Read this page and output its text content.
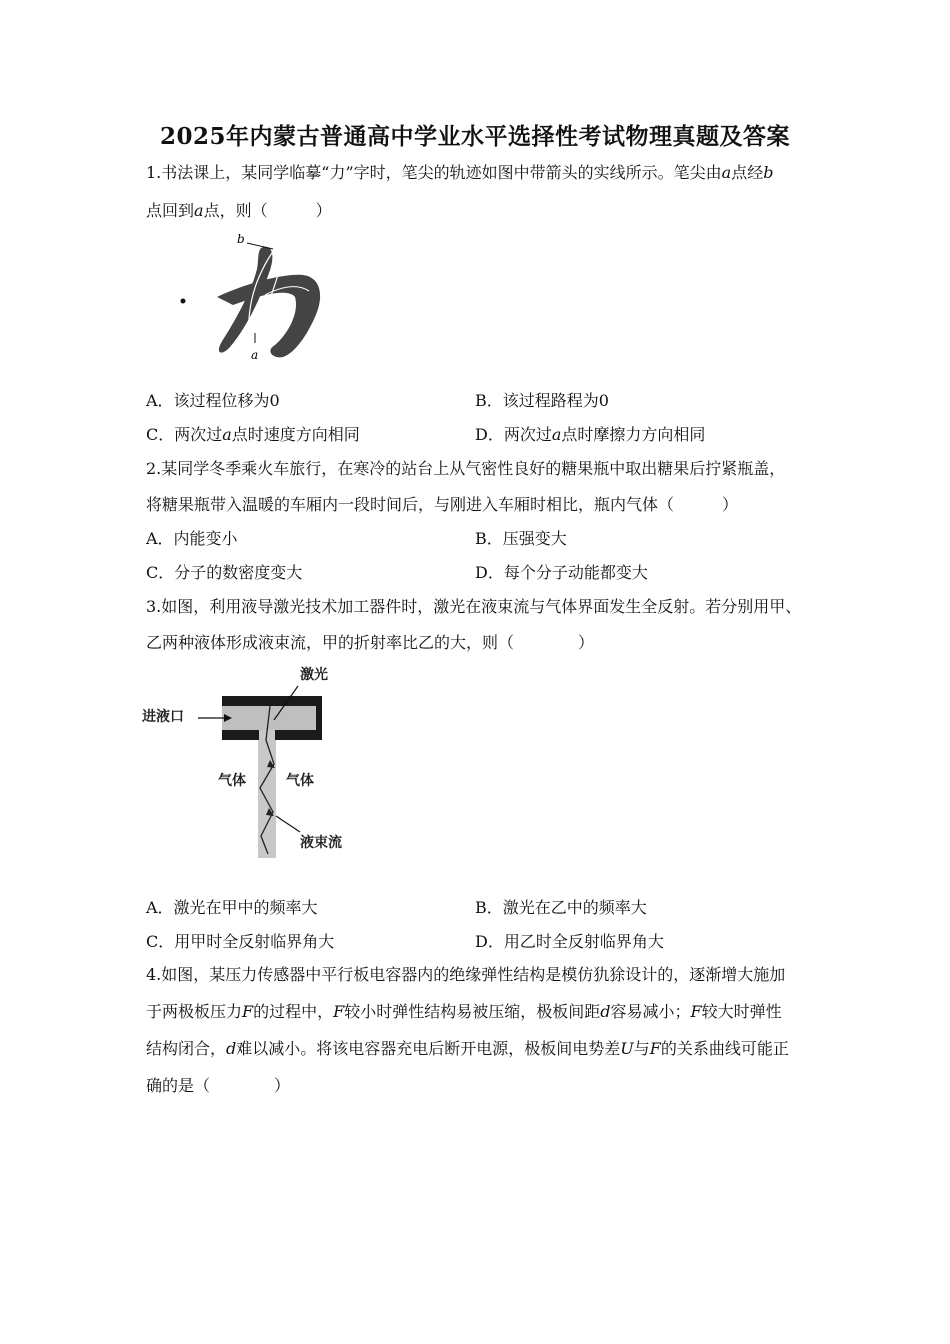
2025年内蒙古普通高中学业水平选择性考试物理真题及答案
1.书法课上，某同学临摹“力”字时，笔尖的轨迹如图中带箭头的实线所示。笔尖由a点经b
点回到a点，则（　　　）
b
a
A．该过程位移为0	B．该过程路程为0
C．两次过a点时速度方向相同	D．两次过a点时摩擦力方向相同
2.某同学冬季乘火车旅行，在寒冷的站台上从气密性良好的糖果瓶中取出糖果后拧紧瓶盖，
将糖果瓶带入温暖的车厢内一段时间后，与刚进入车厢时相比，瓶内气体（　　　）
A．内能变小	B．压强变大
C．分子的数密度变大	D．每个分子动能都变大
3.如图，利用液导激光技术加工器件时，激光在液束流与气体界面发生全反射。若分别用甲、
乙两种液体形成液束流，甲的折射率比乙的大，则（　　　　）
激光
进液口
气体	气体
液束流
A．激光在甲中的频率大	B．激光在乙中的频率大
C．用甲时全反射临界角大	D．用乙时全反射临界角大
4.如图，某压力传感器中平行板电容器内的绝缘弹性结构是模仿犰狳设计的，逐渐增大施加
于两极板压力F的过程中，F较小时弹性结构易被压缩，极板间距d容易减小；F较大时弹性
结构闭合，d难以减小。将该电容器充电后断开电源，极板间电势差U与F的关系曲线可能正
确的是（　　　　）
